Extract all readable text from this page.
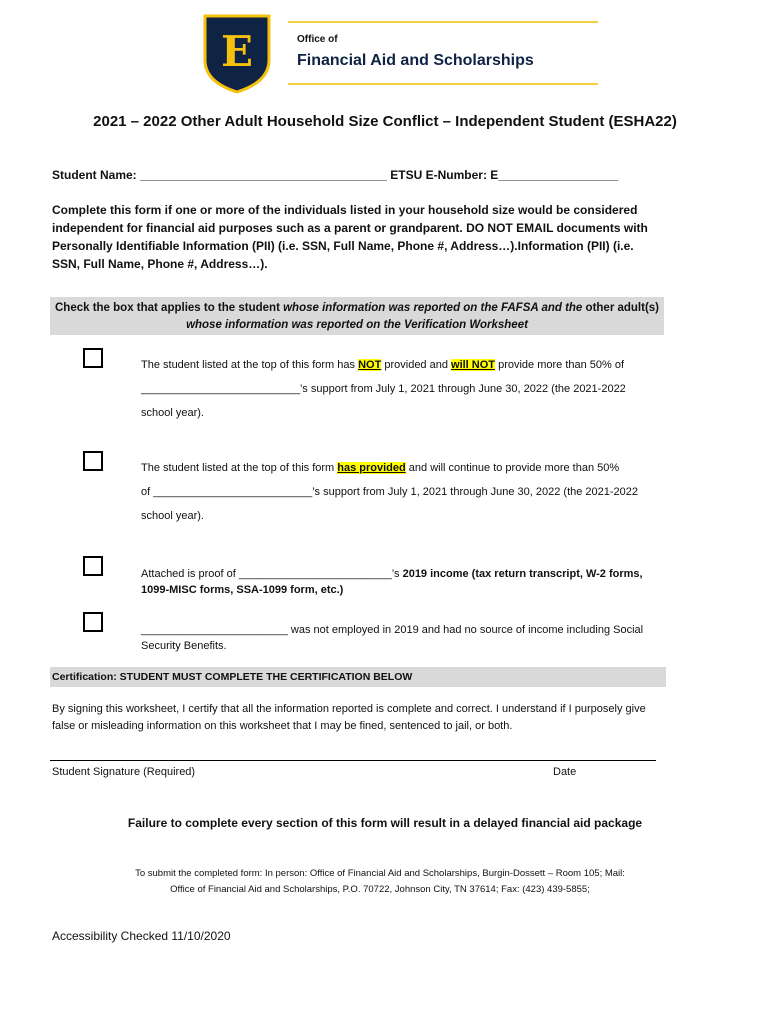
E	Office of
Financial Aid and Scholarships
2021 – 2022 Other Adult Household Size Conflict – Independent Student (ESHA22)
Student Name: _____________________________________ ETSU E-Number: E__________________
Complete this form if one or more of the individuals listed in your household size would be considered independent for financial aid purposes such as a parent or grandparent. DO NOT EMAIL documents with Personally Identifiable Information (PII) (i.e. SSN, Full Name, Phone #, Address…).Information (PII) (i.e. SSN, Full Name, Phone #, Address…).
Check the box that applies to the student whose information was reported on the FAFSA and the other adult(s)
whose information was reported on the Verification Worksheet
The student listed at the top of this form has NOT provided and will NOT provide more than 50% of
__________________________’s support from July 1, 2021 through June 30, 2022 (the 2021-2022
school year).
The student listed at the top of this form has provided and will continue to provide more than 50%
of __________________________’s support from July 1, 2021 through June 30, 2022 (the 2021-2022
school year).
Attached is proof of _________________________’s 2019 income (tax return transcript, W-2 forms, 1099-MISC forms, SSA-1099 form, etc.)
________________________ was not employed in 2019 and had no source of income including Social Security Benefits.
Certification: STUDENT MUST COMPLETE THE CERTIFICATION BELOW
By signing this worksheet, I certify that all the information reported is complete and correct. I understand if I purposely give false or misleading information on this worksheet that I may be fined, sentenced to jail, or both.
Student Signature (Required)	Date
Failure to complete every section of this form will result in a delayed financial aid package
To submit the completed form: In person: Office of Financial Aid and Scholarships, Burgin-Dossett – Room 105; Mail: Office of Financial Aid and Scholarships, P.O. 70722, Johnson City, TN 37614; Fax: (423) 439-5855;
Accessibility Checked 11/10/2020
